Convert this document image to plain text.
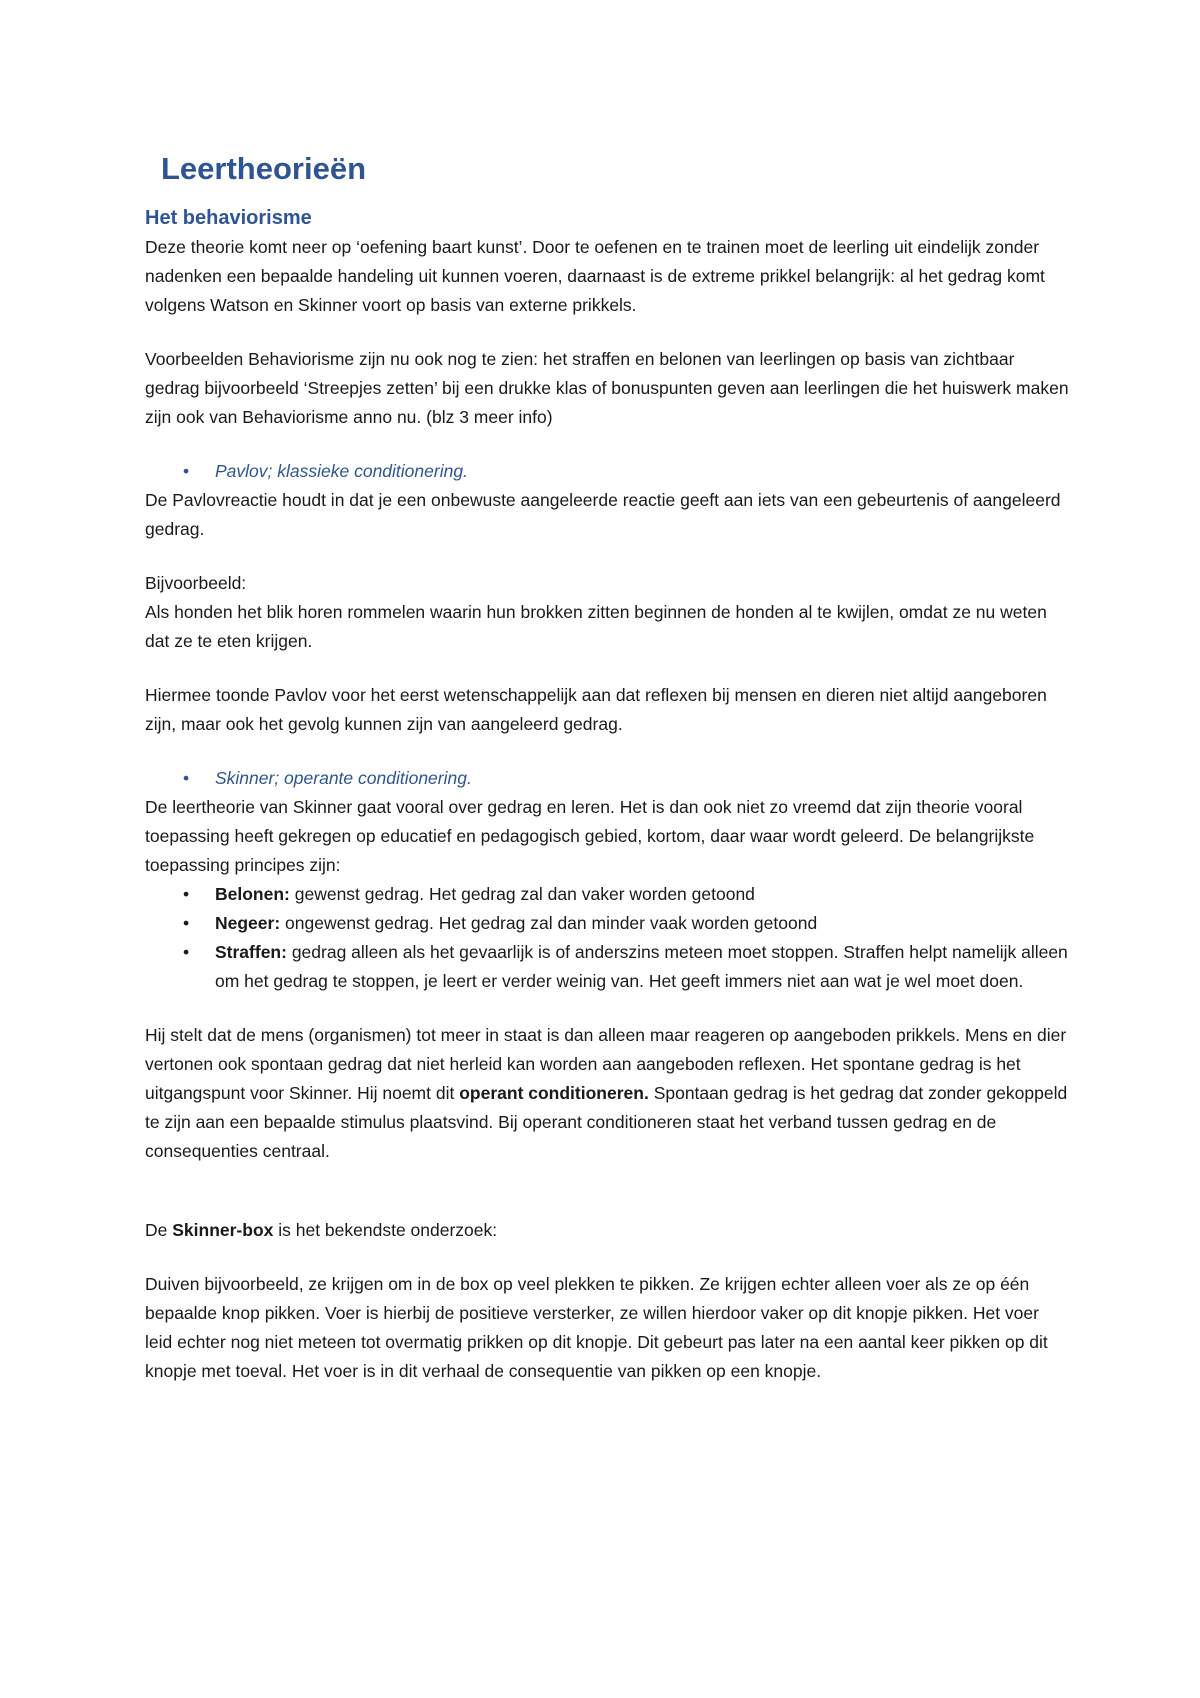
Leertheorieën
Het behaviorisme

Deze theorie komt neer op ‘oefening baart kunst’. Door te oefenen en te trainen moet de leerling uit eindelijk zonder nadenken een bepaalde handeling uit kunnen voeren, daarnaast is de extreme prikkel belangrijk: al het gedrag komt volgens Watson en Skinner voort op basis van externe prikkels.

Voorbeelden Behaviorisme zijn nu ook nog te zien: het straffen en belonen van leerlingen op basis van zichtbaar gedrag bijvoorbeeld ‘Streepjes zetten’ bij een drukke klas of bonuspunten geven aan leerlingen die het huiswerk maken zijn ook van Behaviorisme anno nu. (blz 3 meer info)

•	Pavlov; klassieke conditionering.

De Pavlovreactie houdt in dat je een onbewuste aangeleerde reactie geeft aan iets van een gebeurtenis of aangeleerd gedrag.

Bijvoorbeeld:

Als honden het blik horen rommelen waarin hun brokken zitten beginnen de honden al te kwijlen, omdat ze nu weten dat ze te eten krijgen.

Hiermee toonde Pavlov voor het eerst wetenschappelijk aan dat reflexen bij mensen en dieren niet altijd aangeboren zijn, maar ook het gevolg kunnen zijn van aangeleerd gedrag.

•	Skinner; operante conditionering.

De leertheorie van Skinner gaat vooral over gedrag en leren. Het is dan ook niet zo vreemd dat zijn theorie vooral toepassing heeft gekregen op educatief en pedagogisch gebied, kortom, daar waar wordt geleerd. De belangrijkste toepassing principes zijn:

•	Belonen: gewenst gedrag. Het gedrag zal dan vaker worden getoond
•	Negeer: ongewenst gedrag. Het gedrag zal dan minder vaak worden getoond
•	Straffen: gedrag alleen als het gevaarlijk is of anderszins meteen moet stoppen. Straffen helpt namelijk alleen om het gedrag te stoppen, je leert er verder weinig van. Het geeft immers niet aan wat je wel moet doen.

Hij stelt dat de mens (organismen) tot meer in staat is dan alleen maar reageren op aangeboden prikkels. Mens en dier vertonen ook spontaan gedrag dat niet herleid kan worden aan aangeboden reflexen. Het spontane gedrag is het uitgangspunt voor Skinner. Hij noemt dit operant conditioneren. Spontaan gedrag is het gedrag dat zonder gekoppeld te zijn aan een bepaalde stimulus plaatsvind. Bij operant conditioneren staat het verband tussen gedrag en de consequenties centraal.

De Skinner-box is het bekendste onderzoek:

Duiven bijvoorbeeld, ze krijgen om in de box op veel plekken te pikken. Ze krijgen echter alleen voer als ze op één bepaalde knop pikken. Voer is hierbij de positieve versterker, ze willen hierdoor vaker op dit knopje pikken. Het voer leid echter nog niet meteen tot overmatig prikken op dit knopje. Dit gebeurt pas later na een aantal keer pikken op dit knopje met toeval. Het voer is in dit verhaal de consequentie van pikken op een knopje.
